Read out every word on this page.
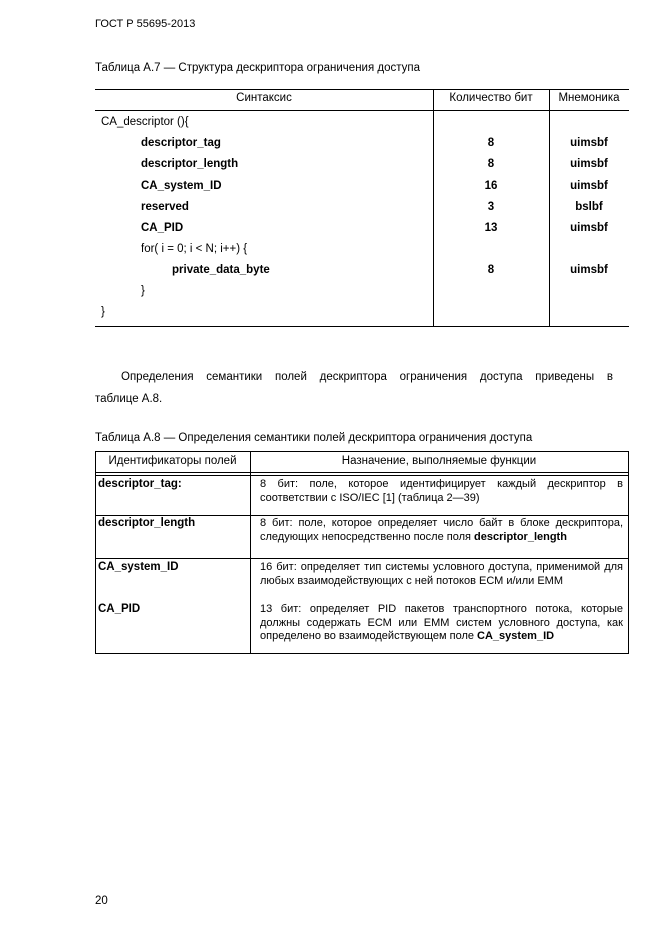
ГОСТ Р 55695-2013
Таблица А.7 — Структура дескриптора ограничения доступа
Синтаксис	Количество бит	Мнемоника
CA_descriptor (){
descriptor_tag	8	uimsbf
descriptor_length	8	uimsbf
CA_system_ID	16	uimsbf
reserved	3	bslbf
CA_PID	13	uimsbf
for( i = 0; i < N; i++) {
private_data_byte	8	uimsbf
}
}
Определения семантики полей дескриптора ограничения доступа приведены в
таблице А.8.
Таблица А.8 — Определения семантики полей дескриптора ограничения доступа
Идентификаторы полей	Назначение, выполняемые функции
descriptor_tag:	8 бит: поле, которое идентифицирует каждый дескриптор в соответствии с ISO/IEC [1] (таблица 2—39)
descriptor_length	8 бит: поле, которое определяет число байт в блоке дескриптора, следующих непосредственно после поля descriptor_length
CA_system_ID	16 бит: определяет тип системы условного доступа, применимой для любых взаимодействующих с ней потоков ЕСМ и/или ЕММ
CA_PID	13 бит: определяет PID пакетов транспортного потока, которые должны содержать ЕСМ или ЕММ систем условного доступа, как определено во взаимодействующем поле CA_system_ID
20
